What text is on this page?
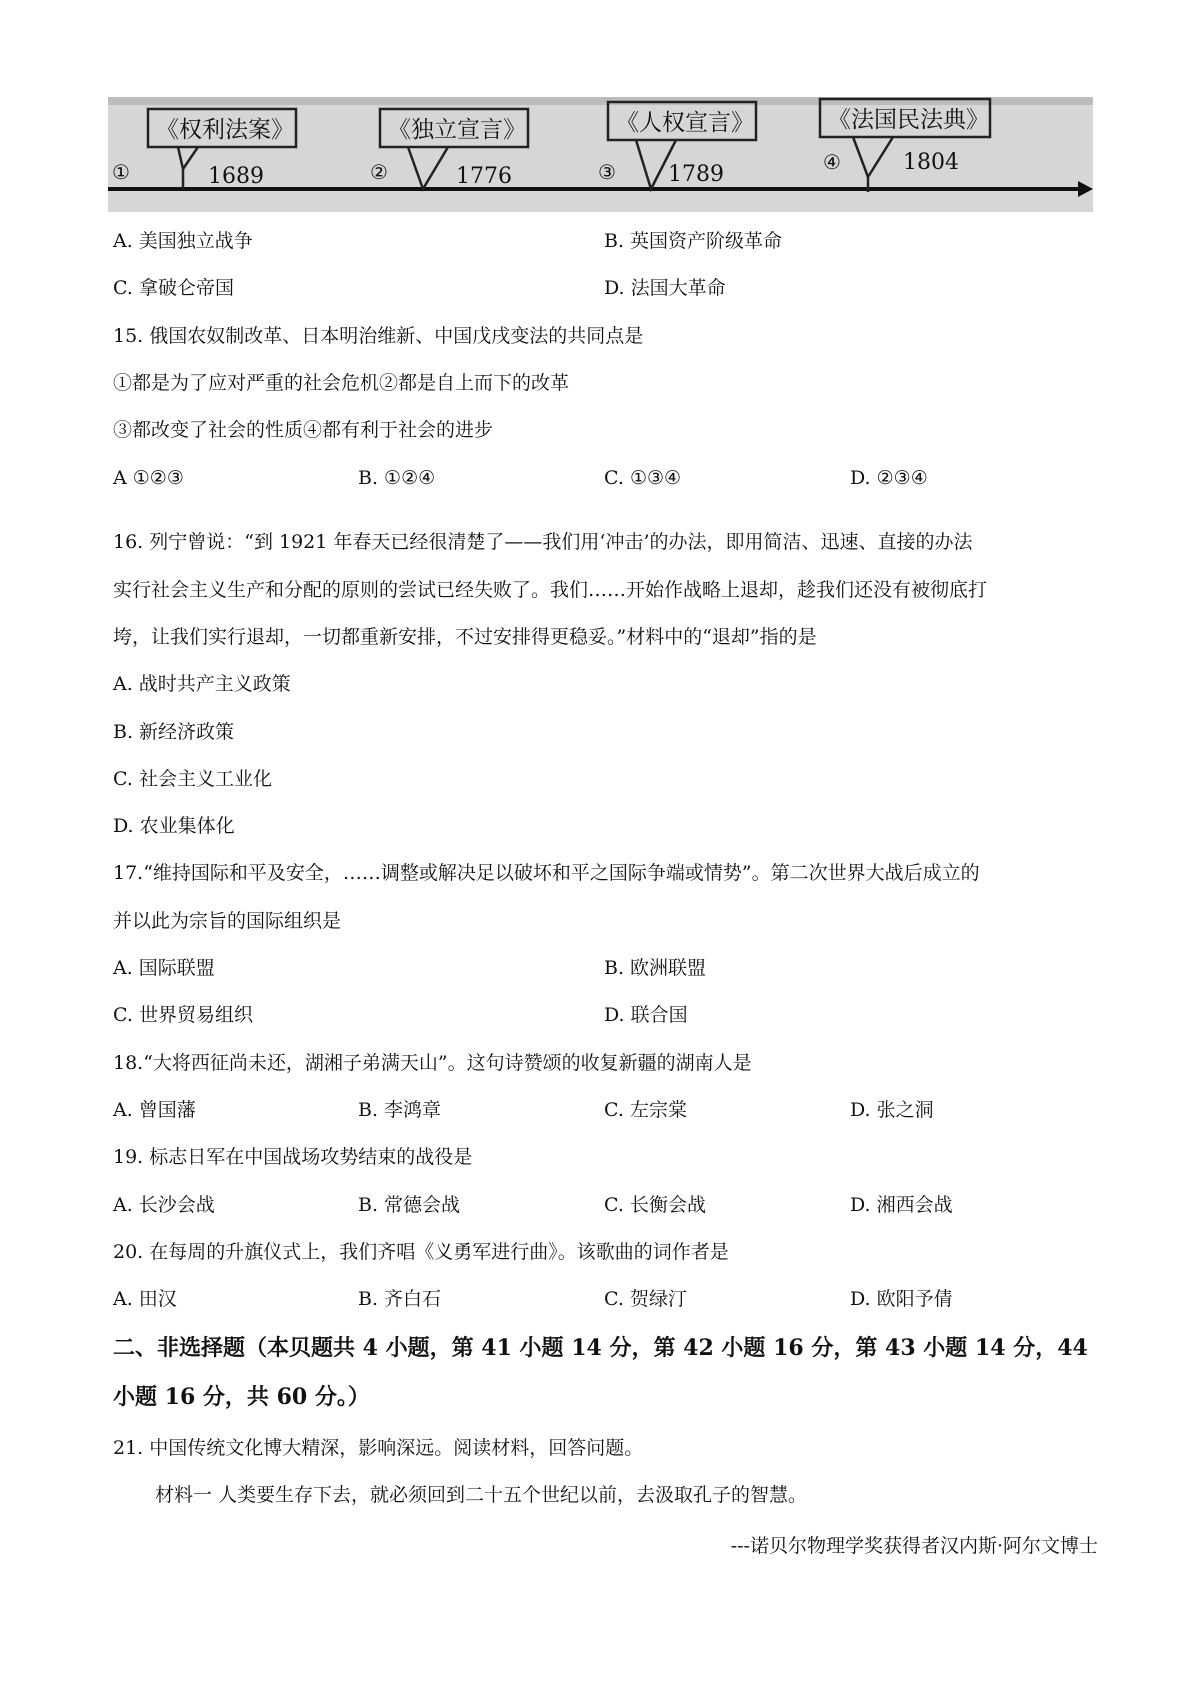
《权利法案》
①	1689
《独立宣言》
②	1776
《人权宣言》
③ 1789
《法国民法典》
④	1804
A. 美国独立战争	B. 英国资产阶级革命
C. 拿破仑帝国	D. 法国大革命
15. 俄国农奴制改革、日本明治维新、中国戊戌变法的共同点是
①都是为了应对严重的社会危机②都是自上而下的改革
③都改变了社会的性质④都有利于社会的进步
A ①②③	B. ①②④	C. ①③④	D. ②③④
16. 列宁曾说：“到 1921 年春天已经很清楚了——我们用‘冲击’的办法，即用简洁、迅速、直接的办法
实行社会主义生产和分配的原则的尝试已经失败了。我们……开始作战略上退却，趁我们还没有被彻底打
垮，让我们实行退却，一切都重新安排，不过安排得更稳妥。”材料中的“退却”指的是
A. 战时共产主义政策
B. 新经济政策
C. 社会主义工业化
D. 农业集体化
17.“维持国际和平及安全，……调整或解决足以破坏和平之国际争端或情势”。第二次世界大战后成立的
并以此为宗旨的国际组织是
A. 国际联盟	B. 欧洲联盟
C. 世界贸易组织	D. 联合国
18.“大将西征尚未还，湖湘子弟满天山”。这句诗赞颂的收复新疆的湖南人是
A. 曾国藩	B. 李鸿章	C. 左宗棠	D. 张之洞
19. 标志日军在中国战场攻势结束的战役是
A. 长沙会战	B. 常德会战	C. 长衡会战	D. 湘西会战
20. 在每周的升旗仪式上，我们齐唱《义勇军进行曲》。该歌曲的词作者是
A. 田汉	B. 齐白石	C. 贺绿汀	D. 欧阳予倩
二、非选择题（本贝题共 4 小题，第 41 小题 14 分，第 42 小题 16 分，第 43 小题 14 分，44
小题 16 分，共 60 分。）
21. 中国传统文化博大精深，影响深远。阅读材料，回答问题。
材料一 人类要生存下去，就必须回到二十五个世纪以前，去汲取孔子的智慧。
---诺贝尔物理学奖获得者汉内斯·阿尔文博士
